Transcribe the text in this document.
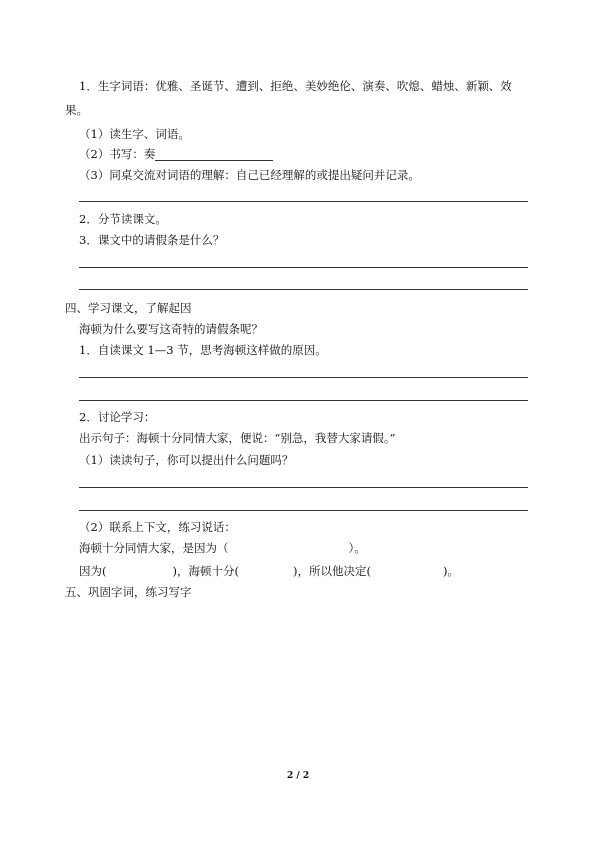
1．生字词语：优雅、圣诞节、遭到、拒绝、美妙绝伦、演奏、吹熄、蜡烛、新颖、效
果。
（1）读生字、词语。
（2）书写：奏
（3）同桌交流对词语的理解：自己已经理解的或提出疑问并记录。
2．分节读课文。
3．课文中的请假条是什么？
四、学习课文，了解起因
海顿为什么要写这奇特的请假条呢？
1．自读课文 1—3 节，思考海顿这样做的原因。
2．讨论学习：
出示句子：海顿十分同情大家，便说：“别急，我替大家请假。”
（1）读读句子，你可以提出什么问题吗？
（2）联系上下文，练习说话：
海顿十分同情大家，是因为（	）。
因为(	)，海顿十分(	)，所以他决定(	)。
五、巩固字词，练习写字
2 / 2
